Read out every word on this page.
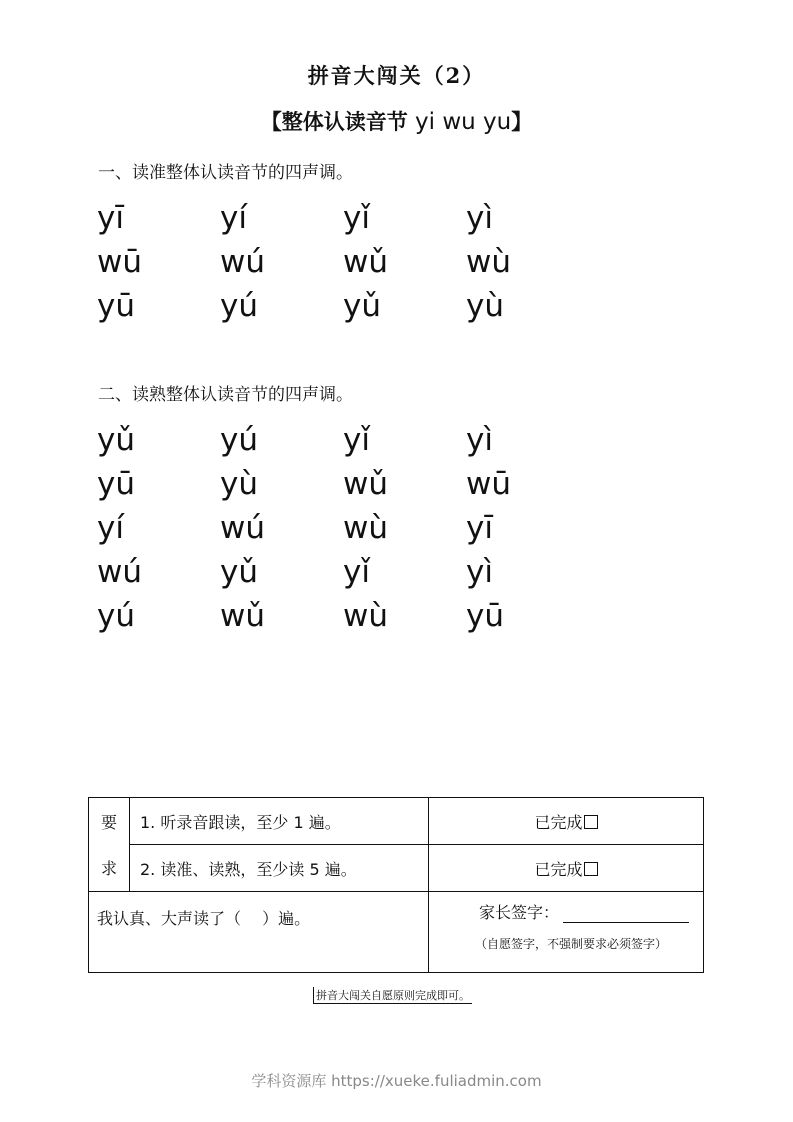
拼音大闯关（2）
【整体认读音节 yi wu yu】
一、读准整体认读音节的四声调。
yī	yí	yǐ	yì
wū	wú	wǔ	wù
yū	yú	yǔ	yù
二、读熟整体认读音节的四声调。
yǔ	yú	yǐ	yì
yū	yù	wǔ	wū
yí	wú	wù	yī
wú	yǔ	yǐ	yì
yú	wǔ	wù	yū
要	1. 听录音跟读，至少 1 遍。	已完成
求	2. 读准、读熟，至少读 5 遍。	已完成
我认真、大声读了（　 ）遍。		家长签字：
（自愿签字，不强制要求必须签字）
拼音大闯关自愿原则完成即可。
学科资源库 https://xueke.fuliadmin.com
